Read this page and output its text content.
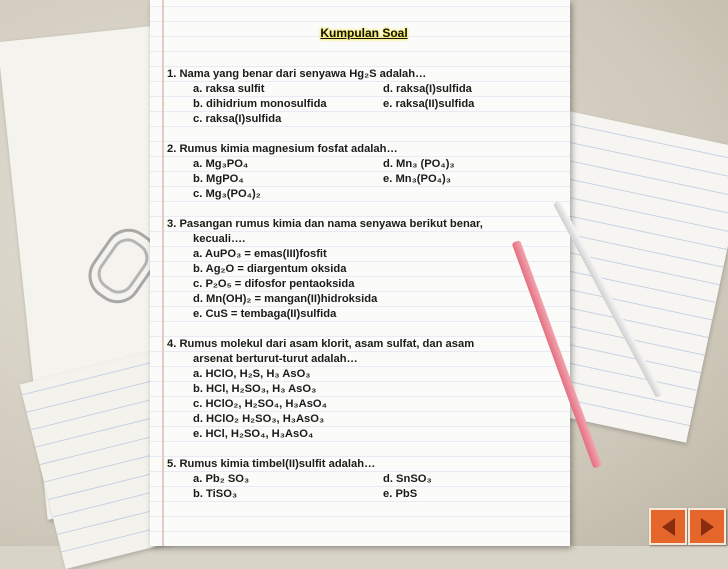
Kumpulan Soal
1. Nama yang benar dari senyawa Hg₂S adalah…
a. raksa sulfit	d. raksa(I)sulfida
b. dihidrium monosulfida	e. raksa(II)sulfida
c. raksa(I)sulfida
2. Rumus kimia magnesium fosfat adalah…
a. Mg₃PO₄	d. Mn₃ (PO₄)₃
b. MgPO₄	e. Mn₃(PO₄)₃
c. Mg₃(PO₄)₂
3. Pasangan rumus kimia dan nama senyawa berikut benar,
kecuali….
a. AuPO₃ = emas(III)fosfit
b. Ag₂O = diargentum oksida
c. P₂O₅ = difosfor pentaoksida
d. Mn(OH)₂ = mangan(II)hidroksida
e. CuS = tembaga(II)sulfida
4. Rumus molekul dari asam klorit, asam sulfat, dan asam
arsenat berturut-turut adalah…
a. HClO, H₂S, H₃ AsO₃
b. HCl, H₂SO₃, H₃ AsO₃
c. HClO₂, H₂SO₄, H₃AsO₄
d. HClO₂ H₂SO₃, H₃AsO₃
e. HCl, H₂SO₄, H₃AsO₄
5. Rumus kimia timbel(II)sulfit adalah…
a. Pb₂ SO₃	d. SnSO₃
b. TiSO₃	e. PbS
